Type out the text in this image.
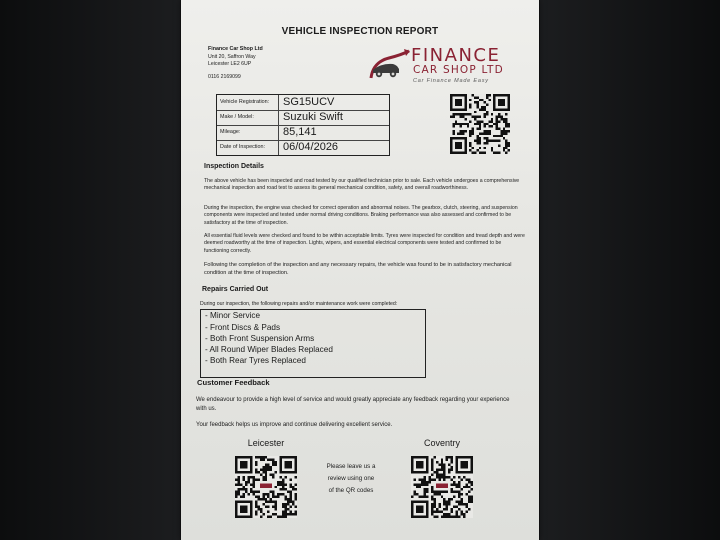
VEHICLE INSPECTION REPORT
Finance Car Shop Ltd
Unit 20, Saffron Way
Leicester LE2 6UP
0116 2169099
FINANCE
CAR SHOP LTD
Car Finance Made Easy
Vehicle Registration:	SG15UCV
Make / Model:	Suzuki Swift
Mileage:	85,141
Date of Inspection:	06/04/2026
Inspection Details
The above vehicle has been inspected and road tested by our qualified technician prior to sale. Each vehicle undergoes a comprehensive mechanical inspection and road test to assess its general mechanical condition, safety, and overall roadworthiness.
During the inspection, the engine was checked for correct operation and abnormal noises. The gearbox, clutch, steering, and suspension components were inspected and tested under normal driving conditions. Braking performance was also assessed and confirmed to be satisfactory at the time of inspection.
All essential fluid levels were checked and found to be within acceptable limits. Tyres were inspected for condition and tread depth and were deemed roadworthy at the time of inspection. Lights, wipers, and essential electrical components were tested and confirmed to be functioning correctly.
Following the completion of the inspection and any necessary repairs, the vehicle was found to be in satisfactory mechanical condition at the time of inspection.
Repairs Carried Out
During our inspection, the following repairs and/or maintenance work were completed:
- Minor Service
- Front Discs & Pads
- Both Front Suspension Arms
- All Round Wiper Blades Replaced
- Both Rear Tyres Replaced
Customer Feedback
We endeavour to provide a high level of service and would greatly appreciate any feedback regarding your experience with us.
Your feedback helps us improve and continue delivering excellent service.
Leicester	Coventry
Please leave us a
review using one
of the QR codes
